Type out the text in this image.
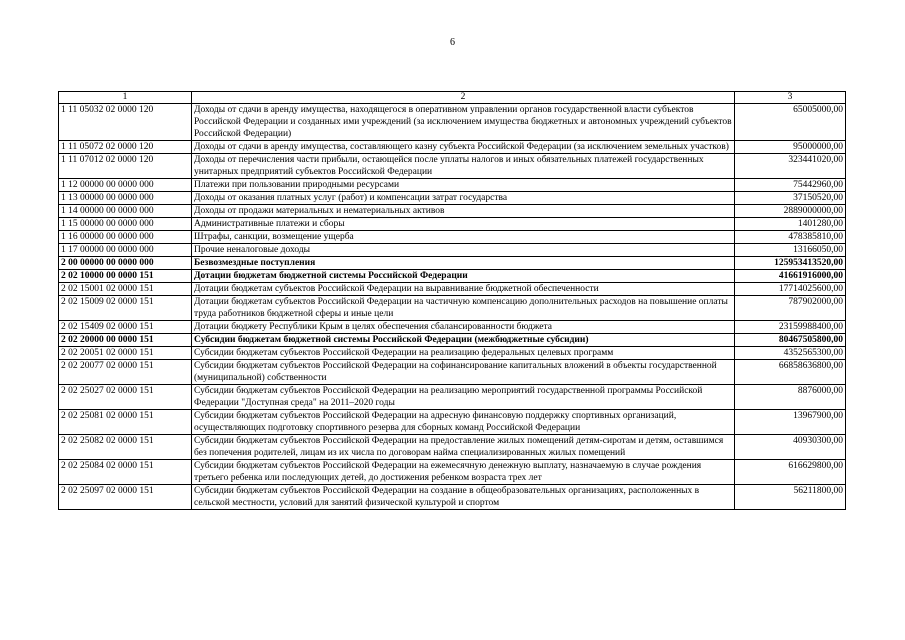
6
1	2	3
1 11 05032 02 0000 120	Доходы от сдачи в аренду имущества, находящегося в оперативном управлении органов государственной власти субъектов Российской Федерации и созданных ими учреждений (за исключением имущества бюджетных и автономных учреждений субъектов Российской Федерации)	65005000,00
1 11 05072 02 0000 120	Доходы от сдачи в аренду имущества, составляющего казну субъекта Российской Федерации (за исключением земельных участков)	95000000,00
1 11 07012 02 0000 120	Доходы от перечисления части прибыли, остающейся после уплаты налогов и иных обязательных платежей государственных унитарных предприятий субъектов Российской Федерации	323441020,00
1 12 00000 00 0000 000	Платежи при пользовании природными ресурсами	75442960,00
1 13 00000 00 0000 000	Доходы от оказания платных услуг (работ) и компенсации затрат государства	37150520,00
1 14 00000 00 0000 000	Доходы от продажи материальных и нематериальных активов	2889000000,00
1 15 00000 00 0000 000	Административные платежи и сборы	1401280,00
1 16 00000 00 0000 000	Штрафы, санкции, возмещение ущерба	478385810,00
1 17 00000 00 0000 000	Прочие неналоговые доходы	13166050,00
2 00 00000 00 0000 000	Безвозмездные поступления	125953413520,00
2 02 10000 00 0000 151	Дотации бюджетам бюджетной системы Российской Федерации	41661916000,00
2 02 15001 02 0000 151	Дотации бюджетам субъектов Российской Федерации на выравнивание бюджетной обеспеченности	17714025600,00
2 02 15009 02 0000 151	Дотации бюджетам субъектов Российской Федерации на частичную компенсацию дополнительных расходов на повышение оплаты труда работников бюджетной сферы и иные цели	787902000,00
2 02 15409 02 0000 151	Дотации бюджету Республики Крым в целях обеспечения сбалансированности бюджета	23159988400,00
2 02 20000 00 0000 151	Субсидии бюджетам бюджетной системы Российской Федерации (межбюджетные субсидии)	80467505800,00
2 02 20051 02 0000 151	Субсидии бюджетам субъектов Российской Федерации на реализацию федеральных целевых программ	4352565300,00
2 02 20077 02 0000 151	Субсидии бюджетам субъектов Российской Федерации на софинансирование капитальных вложений в объекты государственной (муниципальной) собственности	66858636800,00
2 02 25027 02 0000 151	Субсидии бюджетам субъектов Российской Федерации на реализацию мероприятий государственной программы Российской Федерации "Доступная среда" на 2011–2020 годы	8876000,00
2 02 25081 02 0000 151	Субсидии бюджетам субъектов Российской Федерации на адресную финансовую поддержку спортивных организаций, осуществляющих подготовку спортивного резерва для сборных команд Российской Федерации	13967900,00
2 02 25082 02 0000 151	Субсидии бюджетам субъектов Российской Федерации на предоставление жилых помещений детям-сиротам и детям, оставшимся без попечения родителей, лицам из их числа по договорам найма специализированных жилых помещений	40930300,00
2 02 25084 02 0000 151	Субсидии бюджетам субъектов Российской Федерации на ежемесячную денежную выплату, назначаемую в случае рождения третьего ребенка или последующих детей, до достижения ребенком возраста трех лет	616629800,00
2 02 25097 02 0000 151	Субсидии бюджетам субъектов Российской Федерации на создание в общеобразовательных организациях, расположенных в сельской местности, условий для занятий физической культурой и спортом	56211800,00
